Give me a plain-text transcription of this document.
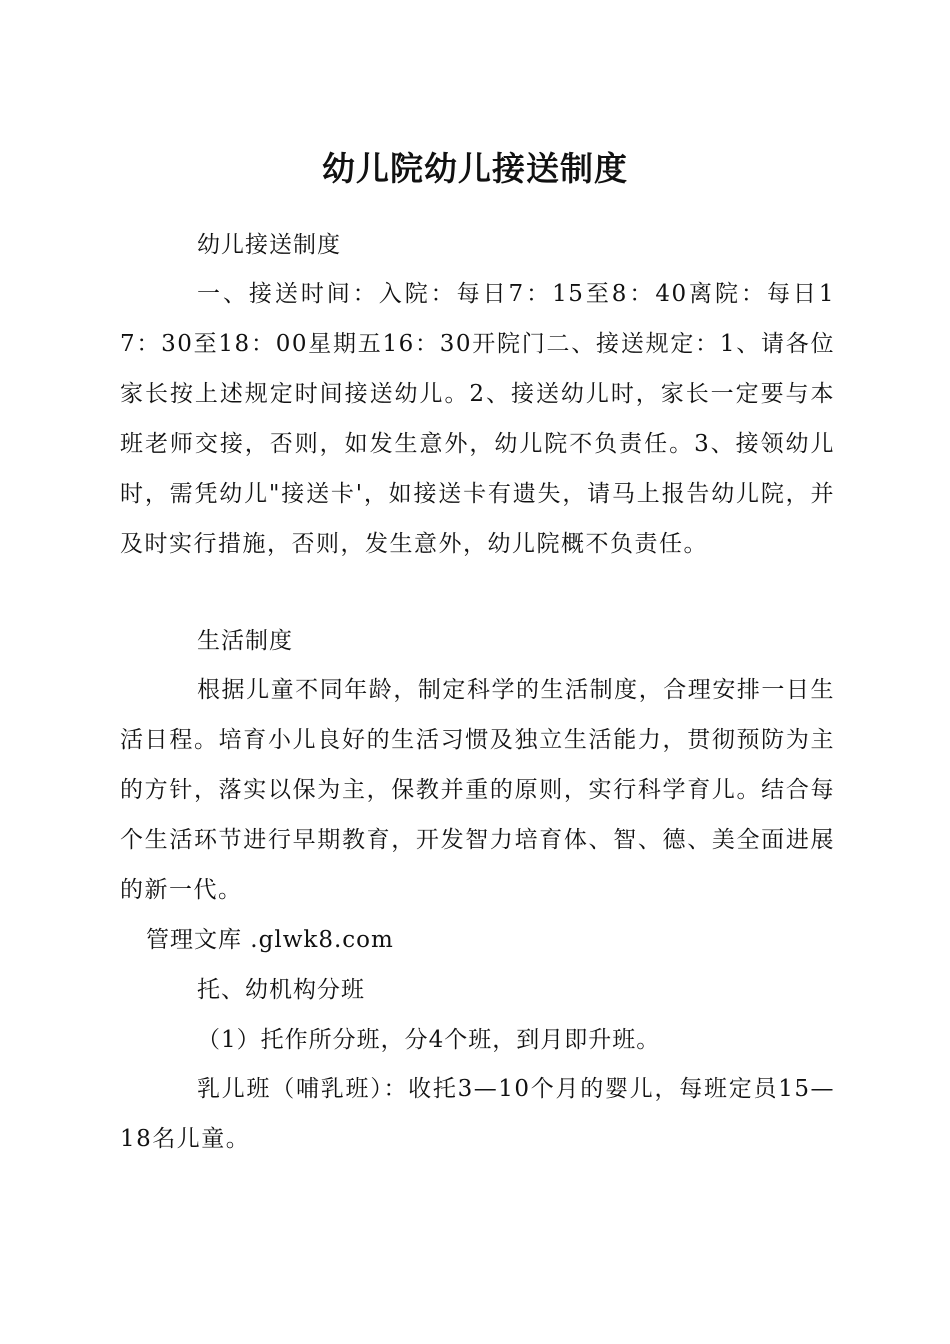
幼儿院幼儿接送制度
幼儿接送制度
一、接送时间：入院：每日7：15至8：40离院：每日17：30至18：00星期五16：30开院门二、接送规定：1、请各位家长按上述规定时间接送幼儿。2、接送幼儿时，家长一定要与本班老师交接，否则，如发生意外，幼儿院不负责任。3、接领幼儿时，需凭幼儿"接送卡'，如接送卡有遗失，请马上报告幼儿院，并及时实行措施，否则，发生意外，幼儿院概不负责任。
生活制度
根据儿童不同年龄，制定科学的生活制度，合理安排一日生活日程。培育小儿良好的生活习惯及独立生活能力，贯彻预防为主的方针，落实以保为主，保教并重的原则，实行科学育儿。结合每个生活环节进行早期教育，开发智力培育体、智、德、美全面进展的新一代。
管理文库 .glwk8.com
托、幼机构分班
（1）托作所分班，分4个班，到月即升班。
乳儿班（哺乳班）：收托3—10个月的婴儿，每班定员15—18名儿童。
